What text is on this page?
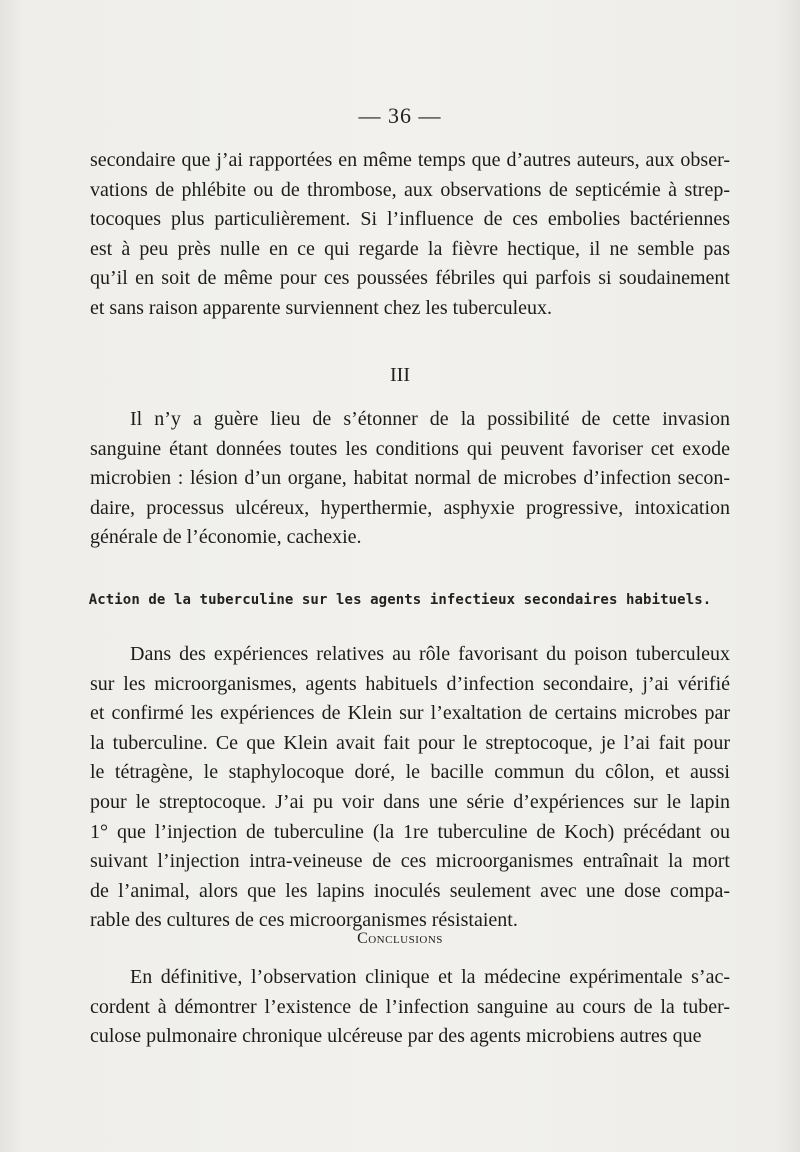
— 36 —

secondaire que j’ai rapportées en même temps que d’autres auteurs, aux obser-
vations de phlébite ou de thrombose, aux observations de septicémie à strep-
tocoques plus particulièrement. Si l’influence de ces embolies bactériennes
est à peu près nulle en ce qui regarde la fièvre hectique, il ne semble pas
qu’il en soit de même pour ces poussées fébriles qui parfois si soudainement
et sans raison apparente surviennent chez les tuberculeux.

III

Il n’y a guère lieu de s’étonner de la possibilité de cette invasion
sanguine étant données toutes les conditions qui peuvent favoriser cet exode
microbien : lésion d’un organe, habitat normal de microbes d’infection secon-
daire, processus ulcéreux, hyperthermie, asphyxie progressive, intoxication
générale de l’économie, cachexie.

Action de la tuberculine sur les agents infectieux secondaires habituels.

Dans des expériences relatives au rôle favorisant du poison tuberculeux
sur les microorganismes, agents habituels d’infection secondaire, j’ai vérifié
et confirmé les expériences de Klein sur l’exaltation de certains microbes par
la tuberculine. Ce que Klein avait fait pour le streptocoque, je l’ai fait pour
le tétragène, le staphylocoque doré, le bacille commun du côlon, et aussi
pour le streptocoque. J’ai pu voir dans une série d’expériences sur le lapin
1° que l’injection de tuberculine (la 1re tuberculine de Koch) précédant ou
suivant l’injection intra-veineuse de ces microorganismes entraînait la mort
de l’animal, alors que les lapins inoculés seulement avec une dose compa-
rable des cultures de ces microorganismes résistaient.

Conclusions

En définitive, l’observation clinique et la médecine expérimentale s’ac-
cordent à démontrer l’existence de l’infection sanguine au cours de la tuber-
culose pulmonaire chronique ulcéreuse par des agents microbiens autres que
